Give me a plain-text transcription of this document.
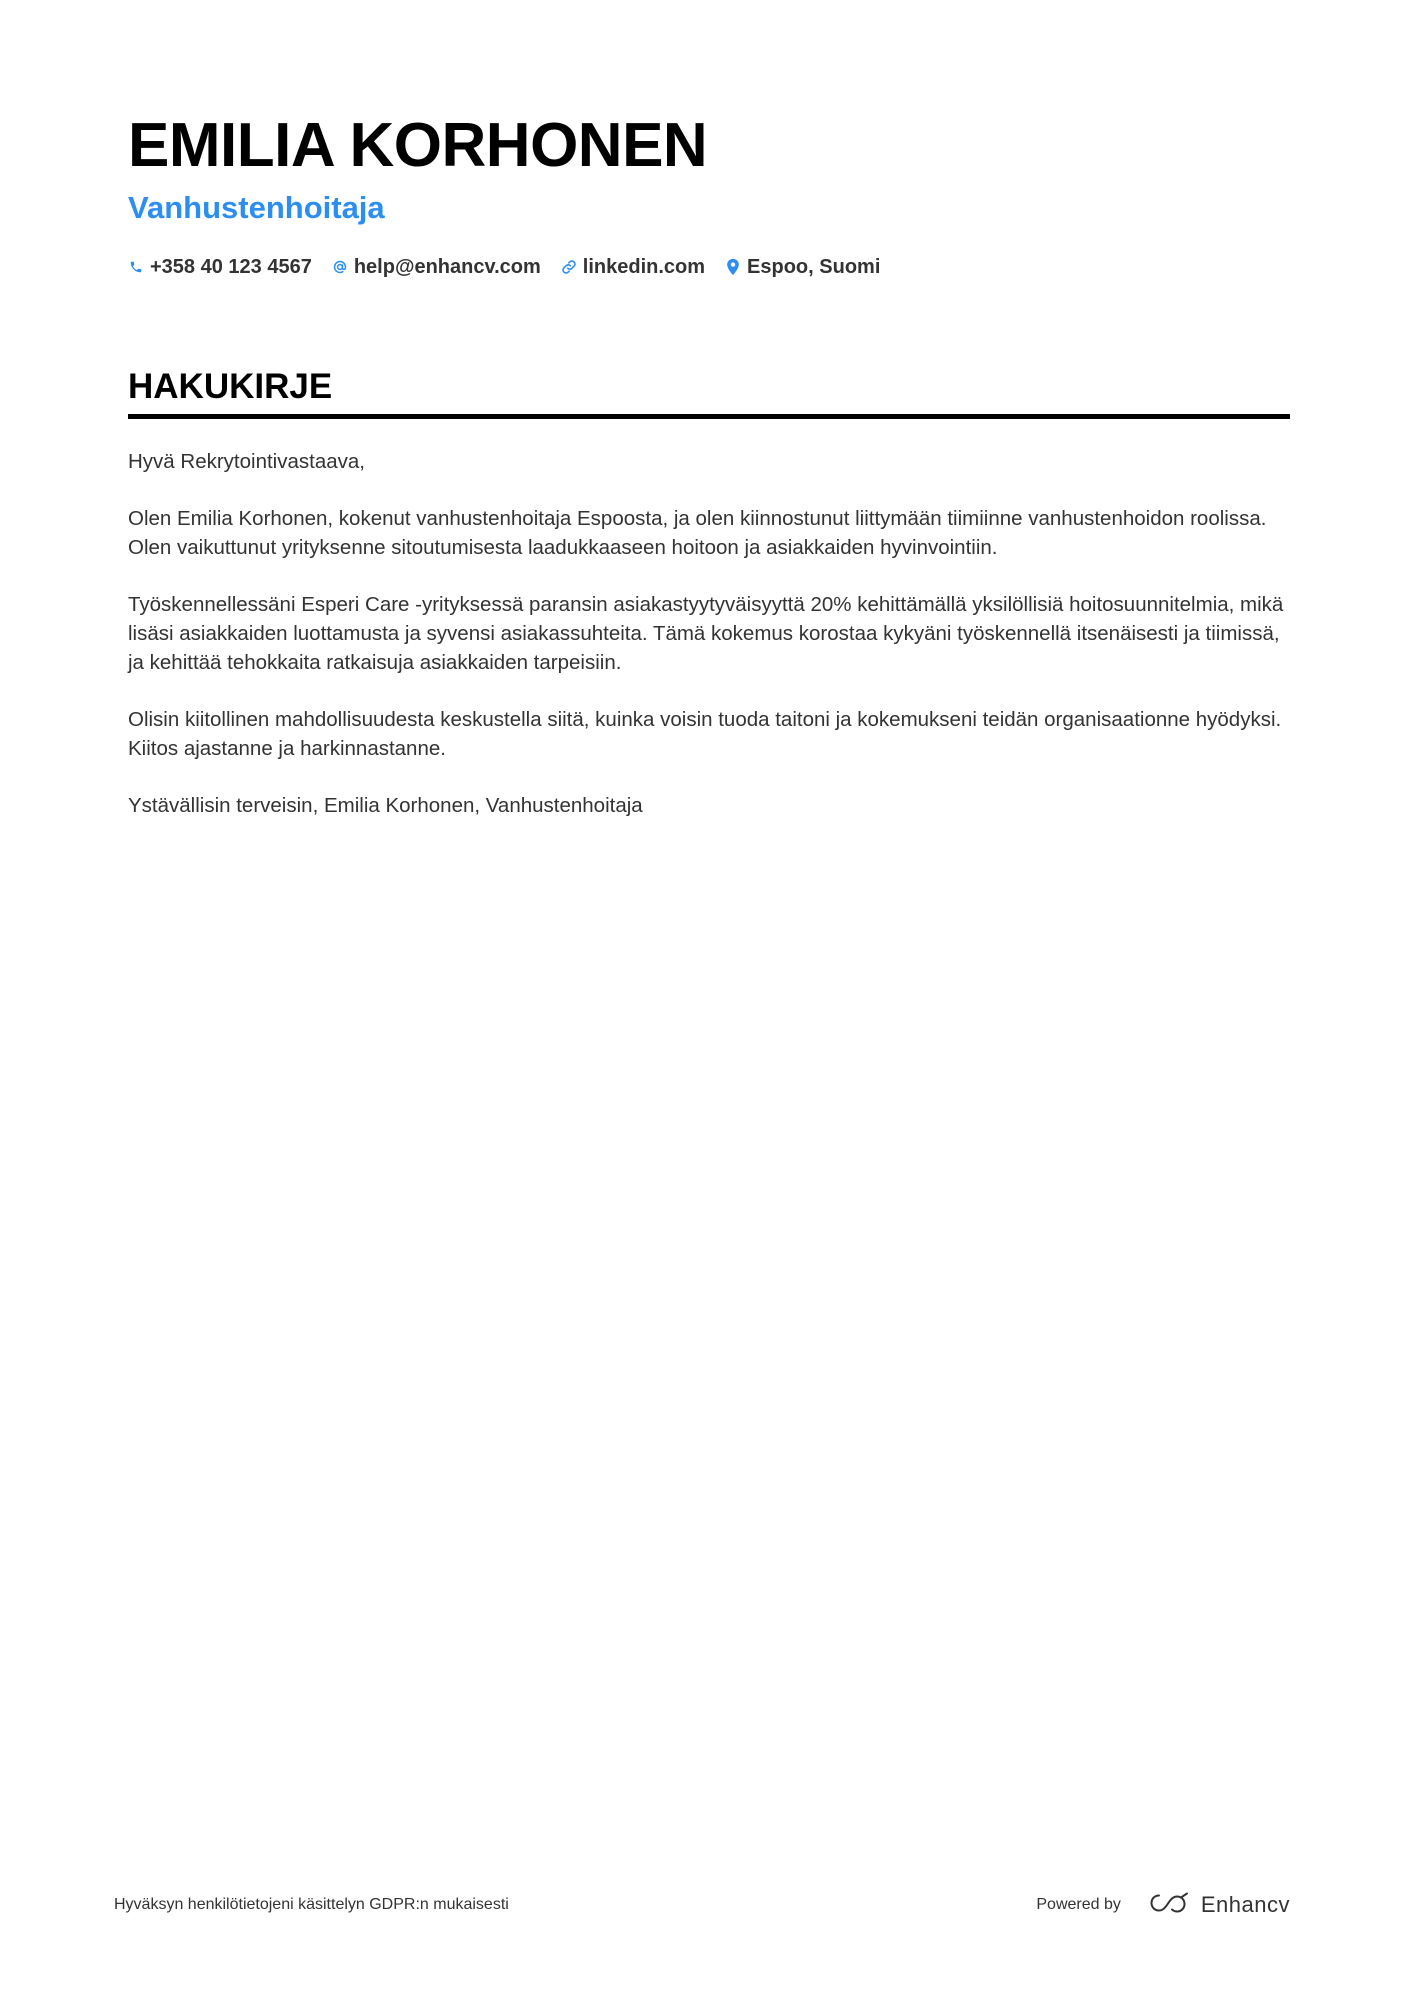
EMILIA KORHONEN
Vanhustenhoitaja
+358 40 123 4567 help@enhancv.com linkedin.com Espoo, Suomi
HAKUKIRJE

Hyvä Rekrytointivastaava,

Olen Emilia Korhonen, kokenut vanhustenhoitaja Espoosta, ja olen kiinnostunut liittymään tiimiinne vanhustenhoidon roolissa. Olen vaikuttunut yrityksenne sitoutumisesta laadukkaaseen hoitoon ja asiakkaiden hyvinvointiin.

Työskennellessäni Esperi Care -yrityksessä paransin asiakastyytyväisyyttä 20% kehittämällä yksilöllisiä hoitosuunnitelmia, mikä lisäsi asiakkaiden luottamusta ja syvensi asiakassuhteita. Tämä kokemus korostaa kykyäni työskennellä itsenäisesti ja tiimissä, ja kehittää tehokkaita ratkaisuja asiakkaiden tarpeisiin.

Olisin kiitollinen mahdollisuudesta keskustella siitä, kuinka voisin tuoda taitoni ja kokemukseni teidän organisaationne hyödyksi. Kiitos ajastanne ja harkinnastanne.

Ystävällisin terveisin, Emilia Korhonen, Vanhustenhoitaja

Hyväksyn henkilötietojeni käsittelyn GDPR:n mukaisesti	Powered by	Enhancv
